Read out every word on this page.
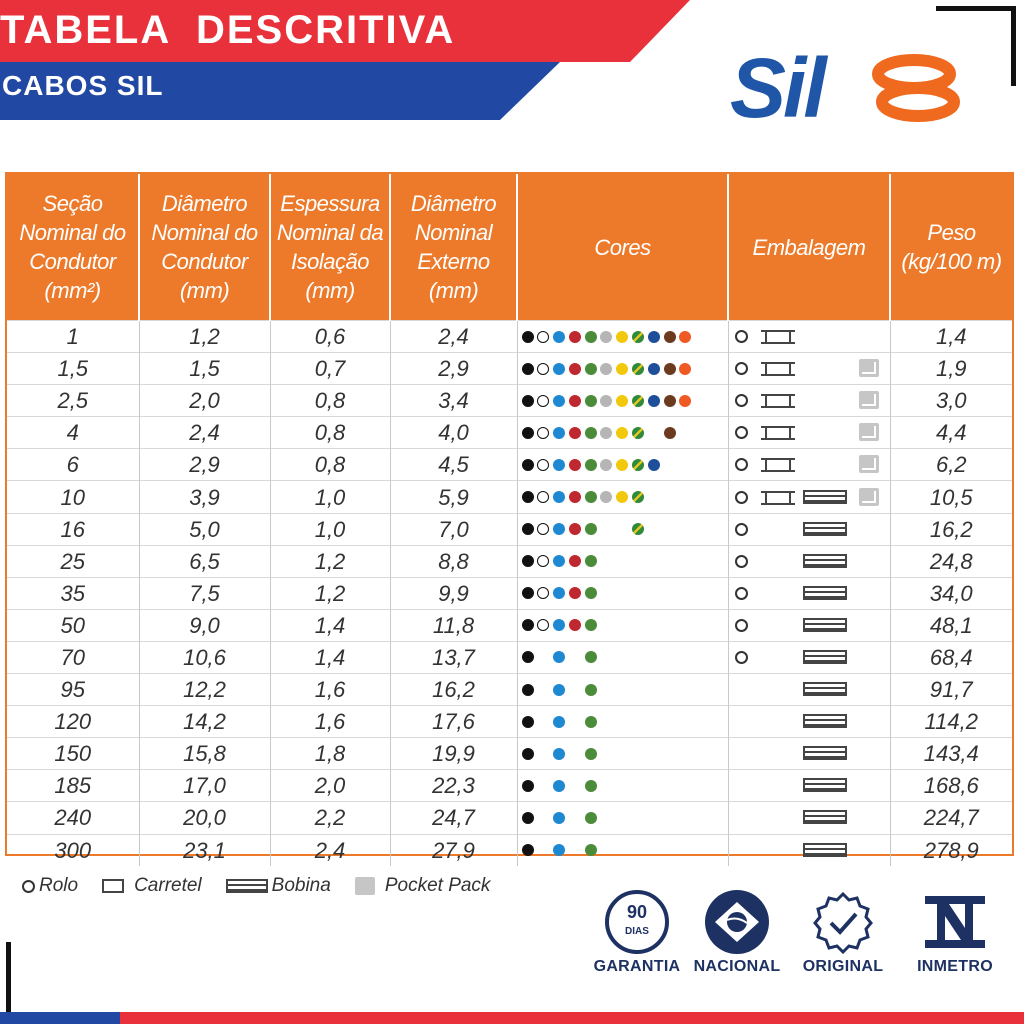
TABELA  DESCRITIVA
CABOS SIL	Sil
Seção Nominal do Condutor (mm²)	Diâmetro Nominal do Condutor (mm)	Espessura Nominal da Isolação (mm)	Diâmetro Nominal Externo (mm)	Cores	Embalagem	Peso (kg/100 m)
1	1,2	0,6	2,4			1,4
1,5	1,5	0,7	2,9			1,9
2,5	2,0	0,8	3,4			3,0
4	2,4	0,8	4,0			4,4
6	2,9	0,8	4,5			6,2
10	3,9	1,0	5,9			10,5
16	5,0	1,0	7,0			16,2
25	6,5	1,2	8,8			24,8
35	7,5	1,2	9,9			34,0
50	9,0	1,4	11,8			48,1
70	10,6	1,4	13,7			68,4
95	12,2	1,6	16,2			91,7
120	14,2	1,6	17,6			114,2
150	15,8	1,8	19,9			143,4
185	17,0	2,0	22,3			168,6
240	20,0	2,2	24,7			224,7
300	23,1	2,4	27,9			278,9
Rolo	Carretel	Bobina	Pocket Pack
90
DIAS
GARANTIA NACIONAL ORIGINAL	INMETRO
